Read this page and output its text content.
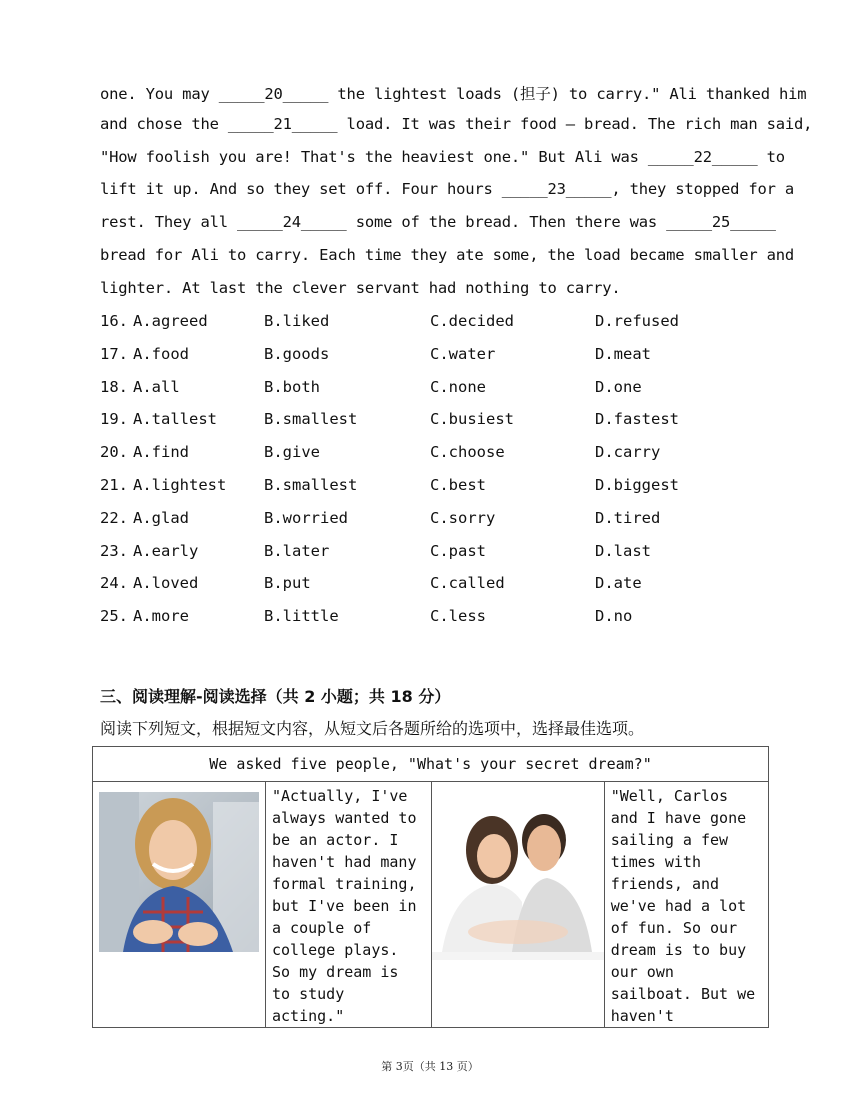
one. You may _____20_____ the lightest loads (担子) to carry." Ali thanked him
and chose the _____21_____ load. It was their food — bread. The rich man said,
"How foolish you are! That's the heaviest one." But Ali was _____22_____ to
lift it up. And so they set off. Four hours _____23_____, they stopped for a
rest. They all _____24_____ some of the bread. Then there was _____25_____
bread for Ali to carry. Each time they ate some, the load became smaller and
lighter. At last the clever servant had nothing to carry.
16. A.agreed	B.liked	C.decided	D.refused
17. A.food	B.goods	C.water	D.meat
18. A.all	B.both	C.none	D.one
19. A.tallest	B.smallest	C.busiest	D.fastest
20. A.find	B.give	C.choose	D.carry
21. A.lightest B.smallest	C.best	D.biggest
22. A.glad	B.worried	C.sorry	D.tired
23. A.early	B.later	C.past	D.last
24. A.loved	B.put	C.called	D.ate
25. A.more	B.little	C.less	D.no
三、阅读理解-阅读选择（共 2 小题；共 18 分）
阅读下列短文，根据短文内容，从短文后各题所给的选项中，选择最佳选项。
We asked five people, "What's your secret dream?"
	"Actually, I've always wanted to be an actor. I haven't had many formal training, but I've been in a couple of college plays. So my dream is to study acting."		"Well, Carlos and I have gone sailing a few times with friends, and we've had a lot of fun. So our dream is to buy our own sailboat. But we haven't
第 3页（共 13 页）
